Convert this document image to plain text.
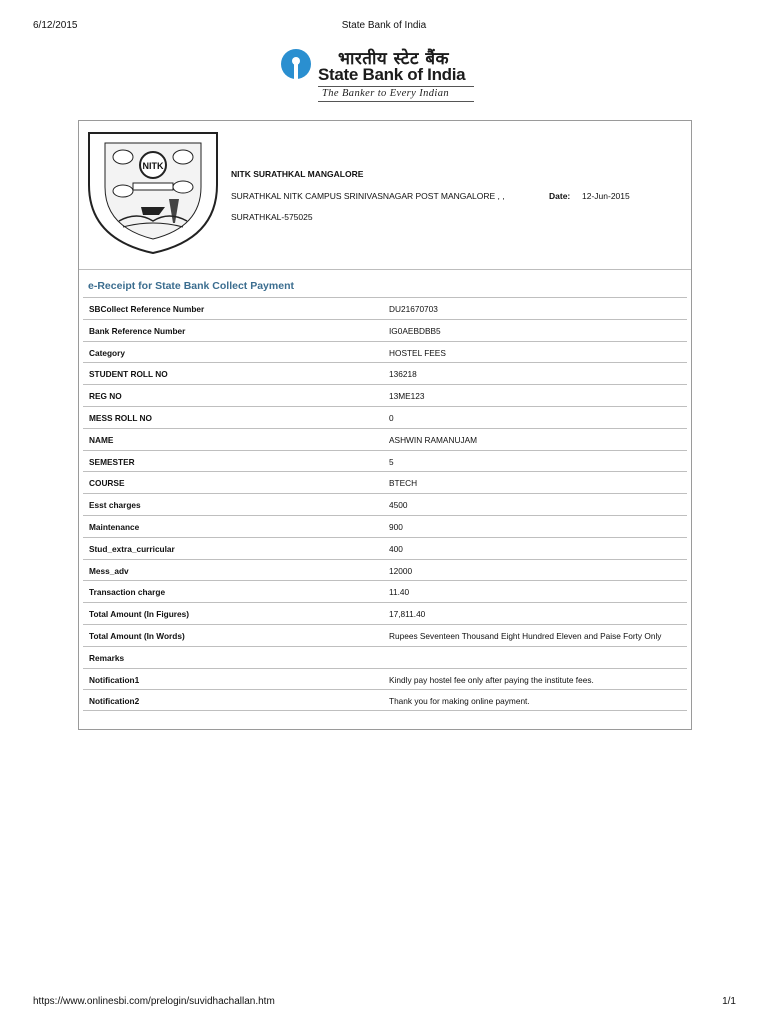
6/12/2015	State Bank of India
भारतीय स्टेट बैंक
State Bank of India
The Banker to Every Indian
NITK
NITK SURATHKAL MANGALORE
SURATHKAL NITK CAMPUS SRINIVASNAGAR POST MANGALORE , ,
SURATHKAL-575025
Date: 12-Jun-2015
e-Receipt for State Bank Collect Payment
SBCollect Reference Number	DU21670703
Bank Reference Number	IG0AEBDBB5
Category	HOSTEL FEES
STUDENT ROLL NO	136218
REG NO	13ME123
MESS ROLL NO	0
NAME	ASHWIN RAMANUJAM
SEMESTER	5
COURSE	BTECH
Esst charges	4500
Maintenance	900
Stud_extra_curricular	400
Mess_adv	12000
Transaction charge	11.40
Total Amount (In Figures)	17,811.40
Total Amount (In Words)	Rupees Seventeen Thousand Eight Hundred Eleven and Paise Forty Only
Remarks
Notification1	Kindly pay hostel fee only after paying the institute fees.
Notification2	Thank you for making online payment.
https://www.onlinesbi.com/prelogin/suvidhachallan.htm	1/1
